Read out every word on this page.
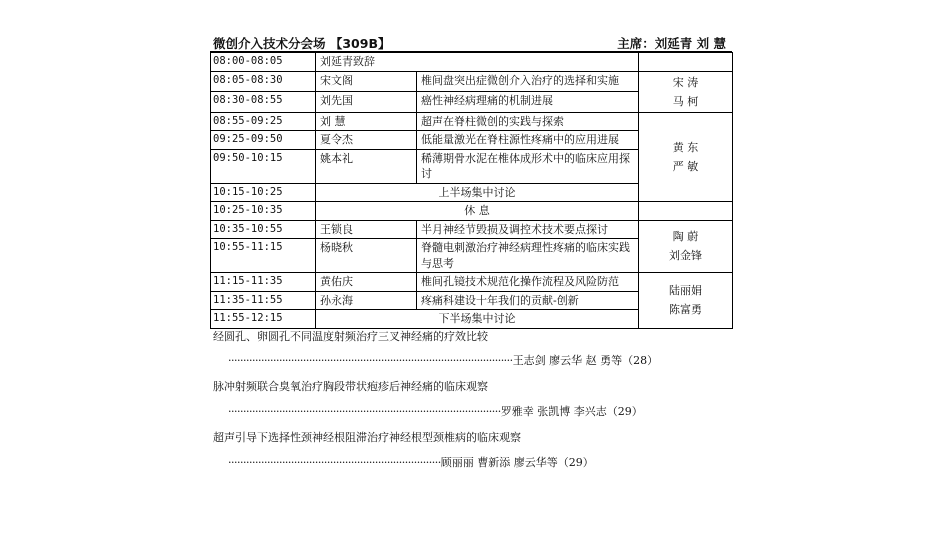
微创介入技术分会场 【309B】	主席：刘延青 刘 慧
08:00-08:05	刘延青致辞		
08:05-08:30	宋文阁	椎间盘突出症微创介入治疗的选择和实施	宋 涛
马 柯

08:30-08:55	刘先国	癌性神经病理痛的机制进展	
08:55-09:25	刘 慧	超声在脊柱微创的实践与探索	黄 东
严 敏

09:25-09:50	夏令杰	低能量激光在脊柱源性疼痛中的应用进展	
09:50-10:15	姚本礼	稀薄期骨水泥在椎体成形术中的临床应用探讨	
10:15-10:25	上半场集中讨论		
10:25-10:35	休 息		
10:35-10:55	王锁良	半月神经节毁损及调控术技术要点探讨	陶 蔚
刘金锋

10:55-11:15	杨晓秋	脊髓电刺激治疗神经病理性疼痛的临床实践与思考	
11:15-11:35	黄佑庆	椎间孔镜技术规范化操作流程及风险防范	陆丽娟
陈富勇

11:35-11:55	孙永海	疼痛科建设十年我们的贡献-创新	
11:55-12:15	下半场集中讨论		
经圆孔、卵圆孔不同温度射频治疗三叉神经痛的疗效比较
·······························································································王志剑 廖云华 赵 勇等（28）
脉冲射频联合臭氧治疗胸段带状疱疹后神经痛的临床观察
···························································································罗雅幸 张凯博 李兴志（29）
超声引导下选择性颈神经根阻滞治疗神经根型颈椎病的临床观察
·······································································顾丽丽 曹新添 廖云华等（29）
